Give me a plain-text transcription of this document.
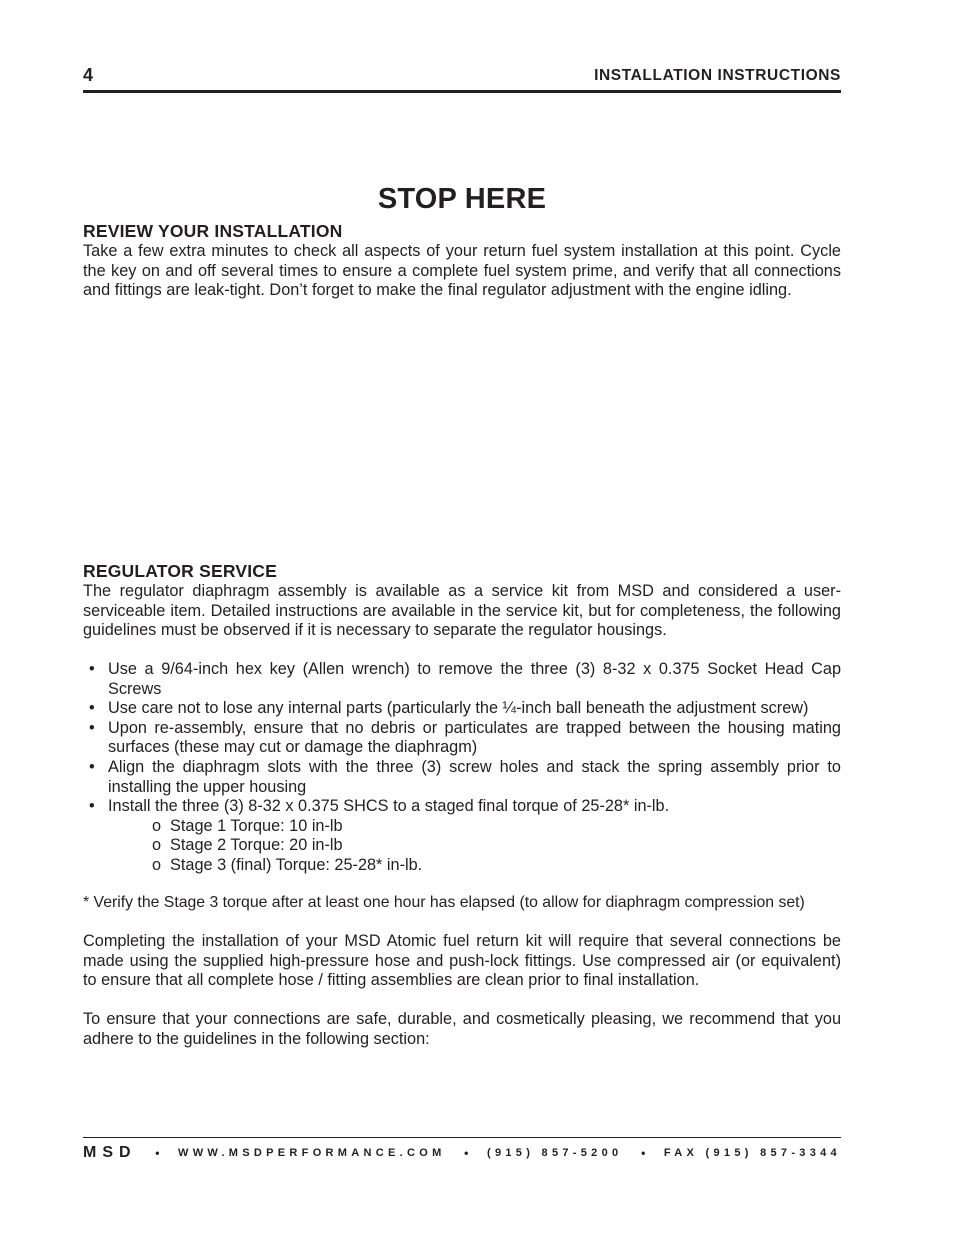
4	INSTALLATION INSTRUCTIONS
STOP HERE
REVIEW YOUR INSTALLATION

Take a few extra minutes to check all aspects of your return fuel system installation at this point. Cycle the key on and off several times to ensure a complete fuel system prime, and verify that all connections and fittings are leak-tight. Don’t forget to make the final regulator adjustment with the engine idling.

REGULATOR SERVICE

The regulator diaphragm assembly is available as a service kit from MSD and considered a user-serviceable item. Detailed instructions are available in the service kit, but for completeness, the following guidelines must be observed if it is necessary to separate the regulator housings.

• Use a 9/64-inch hex key (Allen wrench) to remove the three (3) 8-32 x 0.375 Socket Head Cap Screws
• Use care not to lose any internal parts (particularly the ¼-inch ball beneath the adjustment screw)
• Upon re-assembly, ensure that no debris or particulates are trapped between the housing mating surfaces (these may cut or damage the diaphragm)
• Align the diaphragm slots with the three (3) screw holes and stack the spring assembly prior to installing the upper housing
• Install the three (3) 8-32 x 0.375 SHCS to a staged final torque of 25-28* in-lb.
o Stage 1 Torque: 10 in-lb
o Stage 2 Torque: 20 in-lb
o Stage 3 (final) Torque: 25-28* in-lb.

* Verify the Stage 3 torque after at least one hour has elapsed (to allow for diaphragm compression set)

Completing the installation of your MSD Atomic fuel return kit will require that several connections be made using the supplied high-pressure hose and push-lock fittings. Use compressed air (or equivalent) to ensure that all complete hose / fitting assemblies are clean prior to final installation.

To ensure that your connections are safe, durable, and cosmetically pleasing, we recommend that you adhere to the guidelines in the following section:

MSD • WWW.MSDPERFORMANCE.COM • (915) 857-5200 • FAX (915) 857-3344
